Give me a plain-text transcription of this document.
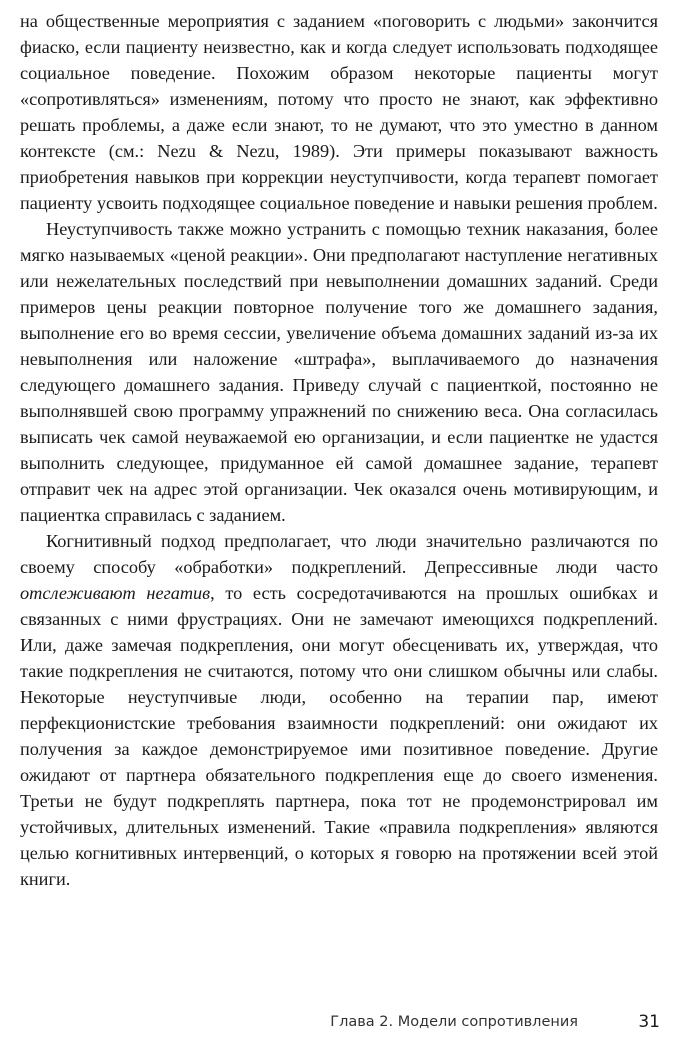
на общественные мероприятия с заданием «поговорить с людьми» закончится фиаско, если пациенту неизвестно, как и когда следует использовать подходящее социальное поведение. Похожим образом некоторые пациенты могут «сопротивляться» изменениям, потому что просто не знают, как эффективно решать проблемы, а даже если знают, то не думают, что это уместно в данном контексте (см.: Nezu & Nezu, 1989). Эти примеры показывают важность приобретения навыков при коррекции неуступчивости, когда терапевт помогает пациенту усвоить подходящее социальное поведение и навыки решения проблем.

Неуступчивость также можно устранить с помощью техник наказания, более мягко называемых «ценой реакции». Они предполагают наступление негативных или нежелательных последствий при невыполнении домашних заданий. Среди примеров цены реакции повторное получение того же домашнего задания, выполнение его во время сессии, увеличение объема домашних заданий из-за их невыполнения или наложение «штрафа», выплачиваемого до назначения следующего домашнего задания. Приведу случай с пациенткой, постоянно не выполнявшей свою программу упражнений по снижению веса. Она согласилась выписать чек самой неуважаемой ею организации, и если пациентке не удастся выполнить следующее, придуманное ей самой домашнее задание, терапевт отправит чек на адрес этой организации. Чек оказался очень мотивирующим, и пациентка справилась с заданием.

Когнитивный подход предполагает, что люди значительно различаются по своему способу «обработки» подкреплений. Депрессивные люди часто отслеживают негатив, то есть сосредотачиваются на прошлых ошибках и связанных с ними фрустрациях. Они не замечают имеющихся подкреплений. Или, даже замечая подкрепления, они могут обесценивать их, утверждая, что такие подкрепления не считаются, потому что они слишком обычны или слабы. Некоторые неуступчивые люди, особенно на терапии пар, имеют перфекционистские требования взаимности подкреплений: они ожидают их получения за каждое демонстрируемое ими позитивное поведение. Другие ожидают от партнера обязательного подкрепления еще до своего изменения. Третьи не будут подкреплять партнера, пока тот не продемонстрировал им устойчивых, длительных изменений. Такие «правила подкрепления» являются целью когнитивных интервенций, о которых я говорю на протяжении всей этой книги.

Глава 2. Модели сопротивления	31
